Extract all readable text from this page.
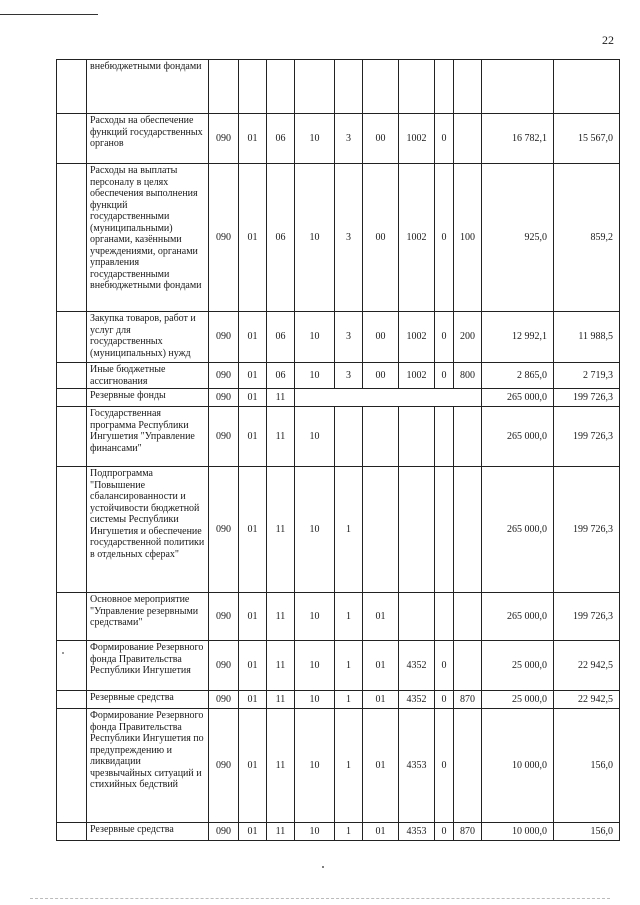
22
	внебюджетными фондами											
	Расходы на обеспечение функций государственных органов	090	01	06	10	3	00	1002	0		16 782,1	15 567,0
	Расходы на выплаты персоналу в целях обеспечения выполнения функций государственными (муниципальными) органами, казёнными учреждениями, органами управления государственными внебюджетными фондами	090	01	06	10	3	00	1002	0	100	925,0	859,2
	Закупка товаров, работ и услуг для государственных (муниципальных) нужд	090	01	06	10	3	00	1002	0	200	12 992,1	11 988,5
	Иные бюджетные ассигнования	090	01	06	10	3	00	1002	0	800	2 865,0	2 719,3
	Резервные фонды	090	01	11							265 000,0	199 726,3
	Государственная программа Республики Ингушетия "Управление финансами"	090	01	11	10						265 000,0	199 726,3
	Подпрограмма "Повышение сбалансированности и устойчивости бюджетной системы Республики Ингушетия и обеспечение государственной политики в отдельных сферах"	090	01	11	10	1					265 000,0	199 726,3
	Основное мероприятие "Управление резервными средствами"	090	01	11	10	1	01				265 000,0	199 726,3
	Формирование Резервного фонда Правительства Республики Ингушетия	090	01	11	10	1	01	4352	0		25 000,0	22 942,5
	Резервные средства	090	01	11	10	1	01	4352	0	870	25 000,0	22 942,5
	Формирование Резервного фонда Правительства Республики Ингушетия по предупреждению и ликвидации чрезвычайных ситуаций и стихийных бедствий	090	01	11	10	1	01	4353	0		10 000,0	156,0
	Резервные средства	090	01	11	10	1	01	4353	0	870	10 000,0	156,0
